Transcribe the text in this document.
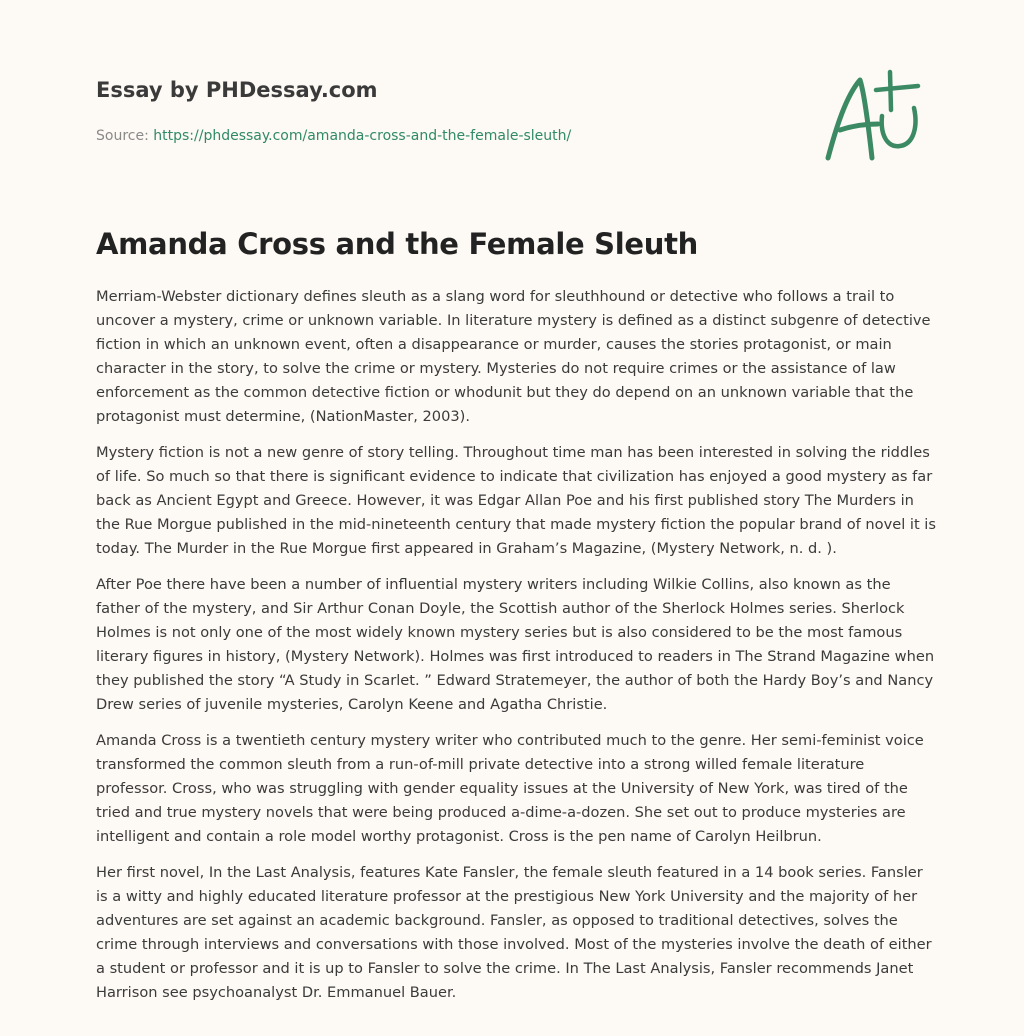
Essay by PHDessay.com
Source: https://phdessay.com/amanda-cross-and-the-female-sleuth/
Amanda Cross and the Female Sleuth

Merriam-Webster dictionary defines sleuth as a slang word for sleuthhound or detective who follows a trail to uncover a mystery, crime or unknown variable. In literature mystery is defined as a distinct subgenre of detective fiction in which an unknown event, often a disappearance or murder, causes the stories protagonist, or main character in the story, to solve the crime or mystery. Mysteries do not require crimes or the assistance of law enforcement as the common detective fiction or whodunit but they do depend on an unknown variable that the protagonist must determine, (NationMaster, 2003).

Mystery fiction is not a new genre of story telling. Throughout time man has been interested in solving the riddles of life. So much so that there is significant evidence to indicate that civilization has enjoyed a good mystery as far back as Ancient Egypt and Greece. However, it was Edgar Allan Poe and his first published story The Murders in the Rue Morgue published in the mid-nineteenth century that made mystery fiction the popular brand of novel it is today. The Murder in the Rue Morgue first appeared in Graham’s Magazine, (Mystery Network, n. d. ).

After Poe there have been a number of influential mystery writers including Wilkie Collins, also known as the father of the mystery, and Sir Arthur Conan Doyle, the Scottish author of the Sherlock Holmes series. Sherlock Holmes is not only one of the most widely known mystery series but is also considered to be the most famous literary figures in history, (Mystery Network). Holmes was first introduced to readers in The Strand Magazine when they published the story “A Study in Scarlet. ” Edward Stratemeyer, the author of both the Hardy Boy’s and Nancy Drew series of juvenile mysteries, Carolyn Keene and Agatha Christie.

Amanda Cross is a twentieth century mystery writer who contributed much to the genre. Her semi-feminist voice transformed the common sleuth from a run-of-mill private detective into a strong willed female literature professor. Cross, who was struggling with gender equality issues at the University of New York, was tired of the tried and true mystery novels that were being produced a-dime-a-dozen. She set out to produce mysteries are intelligent and contain a role model worthy protagonist. Cross is the pen name of Carolyn Heilbrun.

Her first novel, In the Last Analysis, features Kate Fansler, the female sleuth featured in a 14 book series. Fansler is a witty and highly educated literature professor at the prestigious New York University and the majority of her adventures are set against an academic background. Fansler, as opposed to traditional detectives, solves the crime through interviews and conversations with those involved. Most of the mysteries involve the death of either a student or professor and it is up to Fansler to solve the crime. In The Last Analysis, Fansler recommends Janet Harrison see psychoanalyst Dr. Emmanuel Bauer.
